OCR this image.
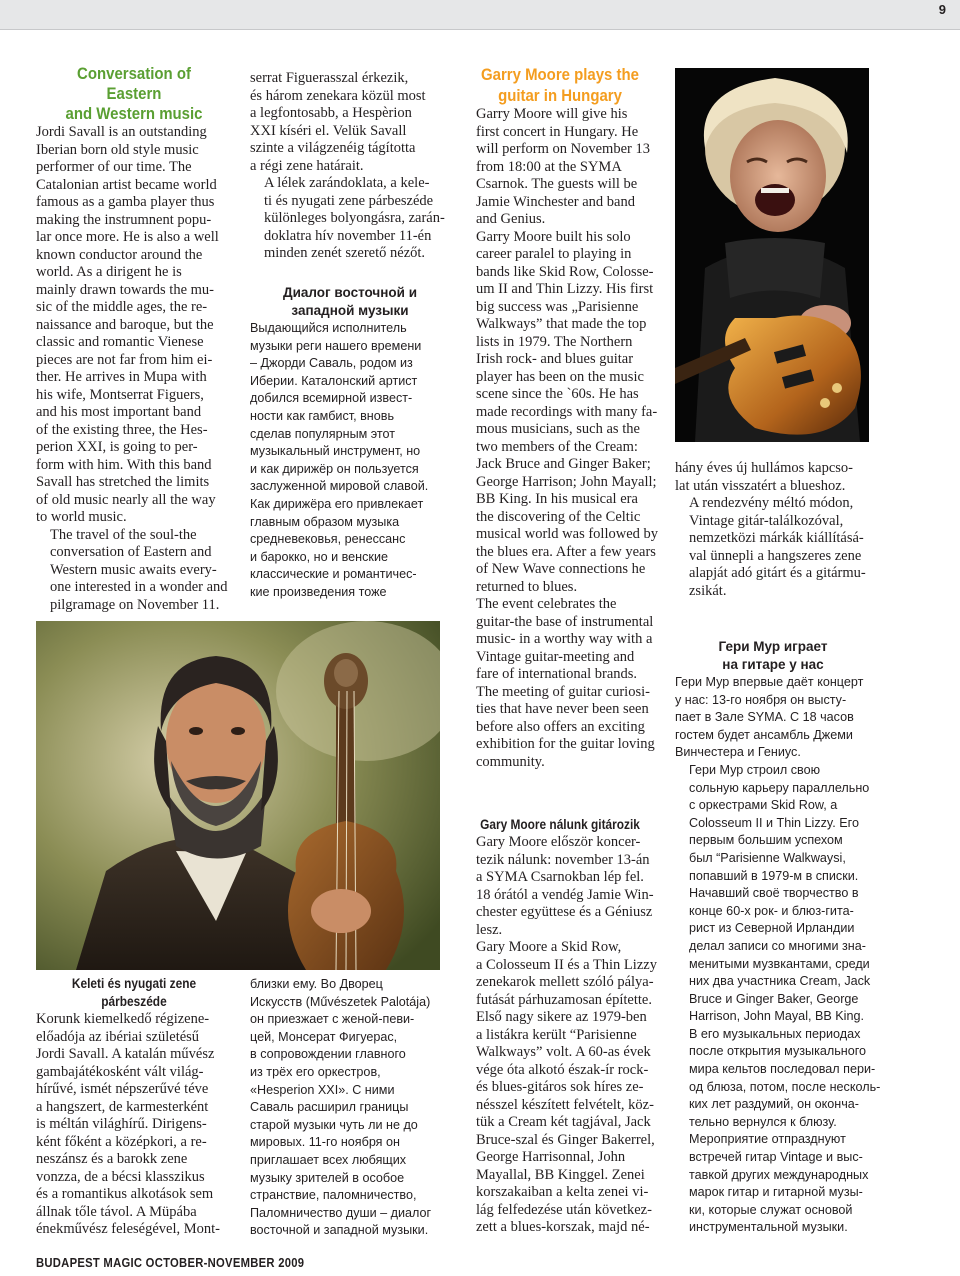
9
Conversation of Eastern
and Western music

Jordi Savall is an outstanding
Iberian born old style music
performer of our time. The
Catalonian artist became world
famous as a gamba player thus
making the instrumnent popu-
lar once more. He is also a well
known conductor around the
world. As a dirigent he is
mainly drawn towards the mu-
sic of the middle ages, the re-
naissance and baroque, but the
classic and romantic Vienese
pieces are not far from him ei-
ther. He arrives in Mupa with
his wife, Montserrat Figuers,
and his most important band
of the existing three, the Hes-
perion XXI, is going to per-
form with him. With this band
Savall has stretched the limits
of old music nearly all the way
to world music.

The travel of the soul-the
conversation of Eastern and
Western music awaits every-
one interested in a wonder and
pilgramage on November 11.

Keleti és nyugati zene
párbeszéde

Korunk kiemelkedő régizene-
előadója az ibériai születésű
Jordi Savall. A katalán művész
gambajátékosként vált világ-
hírűvé, ismét népszerűvé téve
a hangszert, de karmesterként
is méltán világhírű. Dirigens-
ként főként a középkori, a re-
neszánsz és a barokk zene
vonzza, de a bécsi klasszikus
és a romantikus alkotások sem
állnak tőle távol. A Müpába
énekművész feleségével, Mont-

serrat Figuerasszal érkezik,
és három zenekara közül most
a legfontosabb, a Hespèrion
XXI kíséri el. Velük Savall
szinte a világzenéig tágította
a régi zene határait.

A lélek zarándoklata, a kele-
ti és nyugati zene párbeszéde
különleges bolyongásra, zarán-
doklatra hív november 11-én
minden zenét szerető nézőt.

Диалог восточной и
западной музыки

Выдающийся исполнитель
музыки реги нашего времени
– Джорди Саваль, родом из
Иберии. Каталонский артист
добился всемирной извест-
ности как гамбист, вновь
сделав популярным этот
музыкальный инструмент, но
и как дирижёр он пользуется
заслуженной мировой славой.
Как дирижёра его привлекает
главным образом музыка
средневековья, ренессанс
и барокко, но и венские
классические и романтичес-
кие произведения тоже

близки ему. Во Дворец
Искусств (Művészetek Palotája)
он приезжает с женой-певи-
цей, Монсерат Фигуерас,
в сопровождении главного
из трёх его оркестров,
«Hesperion XXI». С ними
Саваль расширил границы
старой музыки чуть ли не до
мировых. 11-го ноября он
приглашает всех любящих
музыку зрителей в особое
странствие, паломничество,
Паломничество души – диалог
восточной и западной музыки.

Garry Moore plays the
guitar in Hungary

Garry Moore will give his
first concert in Hungary. He
will perform on November 13
from 18:00 at the SYMA
Csarnok. The guests will be
Jamie Winchester and band
and Genius.

Garry Moore built his solo
career paralel to playing in
bands like Skid Row, Colosse-
um II and Thin Lizzy. His first
big success was „Parisienne
Walkways” that made the top
lists in 1979. The Northern
Irish rock- and blues guitar
player has been on the music
scene since the `60s. He has
made recordings with many fa-
mous musicians, such as the
two members of the Cream:
Jack Bruce and Ginger Baker;
George Harrison; John Mayall;
BB King. In his musical era
the discovering of the Celtic
musical world was followed by
the blues era. After a few years
of New Wave connections he
returned to blues.

The event celebrates the
guitar-the base of instrumental
music- in a worthy way with a
Vintage guitar-meeting and
fare of international brands.
The meeting of guitar curiosi-
ties that have never been seen
before also offers an exciting
exhibition for the guitar loving
community.

Gary Moore nálunk gitározik

Gary Moore először koncer-
tezik nálunk: november 13-án
a SYMA Csarnokban lép fel.
18 órától a vendég Jamie Win-
chester együttese és a Géniusz
lesz.

Gary Moore a Skid Row,
a Colosseum II és a Thin Lizzy
zenekarok mellett szóló pálya-
futását párhuzamosan építette.
Első nagy sikere az 1979-ben
a listákra került “Parisienne
Walkways” volt. A 60-as évek
vége óta alkotó észak-ír rock-
és blues-gitáros sok híres ze-
nésszel készített felvételt, köz-
tük a Cream két tagjával, Jack
Bruce-szal és Ginger Bakerrel,
George Harrisonnal, John
Mayallal, BB Kinggel. Zenei
korszakaiban a kelta zenei vi-
lág felfedezése után következ-
zett a blues-korszak, majd né-

hány éves új hullámos kapcso-
lat után visszatért a blueshoz.

A rendezvény méltó módon,
Vintage gitár-találkozóval,
nemzetközi márkák kiállításá-
val ünnepli a hangszeres zene
alapját adó gitárt és a gitármu-
zsikát.

Гери Мур играет
на гитаре у нас

Гери Мур впервые даёт концерт
у нас: 13-го ноября он высту-
пает в Зале SYMA. С 18 часов
гостем будет ансамбль Джеми
Винчестера и Гениус.

Гери Мур строил свою
сольную карьеру параллельно
с оркестрами Skid Row, а
Colosseum II и Thin Lizzy. Его
первым большим успехом
был “Parisienne Walkwaysi,
попавший в 1979-м в списки.
Начавший своё творчество в
конце 60-х рок- и блюз-гита-
рист из Северной Ирландии
делал записи со многими зна-
менитыми музвкантами, среди
них двa участника Cream, Jack
Bruce и Ginger Baker, George
Harrison, John Mayal, BB King.
В его музыкальных периодах
после открытия музыкального
мира кельтов последовал пери-
од блюза, потом, после несколь-
ких лет раздумий, он оконча-
тельно вернулся к блюзу.

Мероприятие отпразднуют
встречей гитар Vintage и выс-
тавкой других международных
марок гитар и гитарной музы-
ки, которые служат основой
инструментальной музыки.

BUDAPEST MAGIC OCTOBER-NOVEMBER 2009
